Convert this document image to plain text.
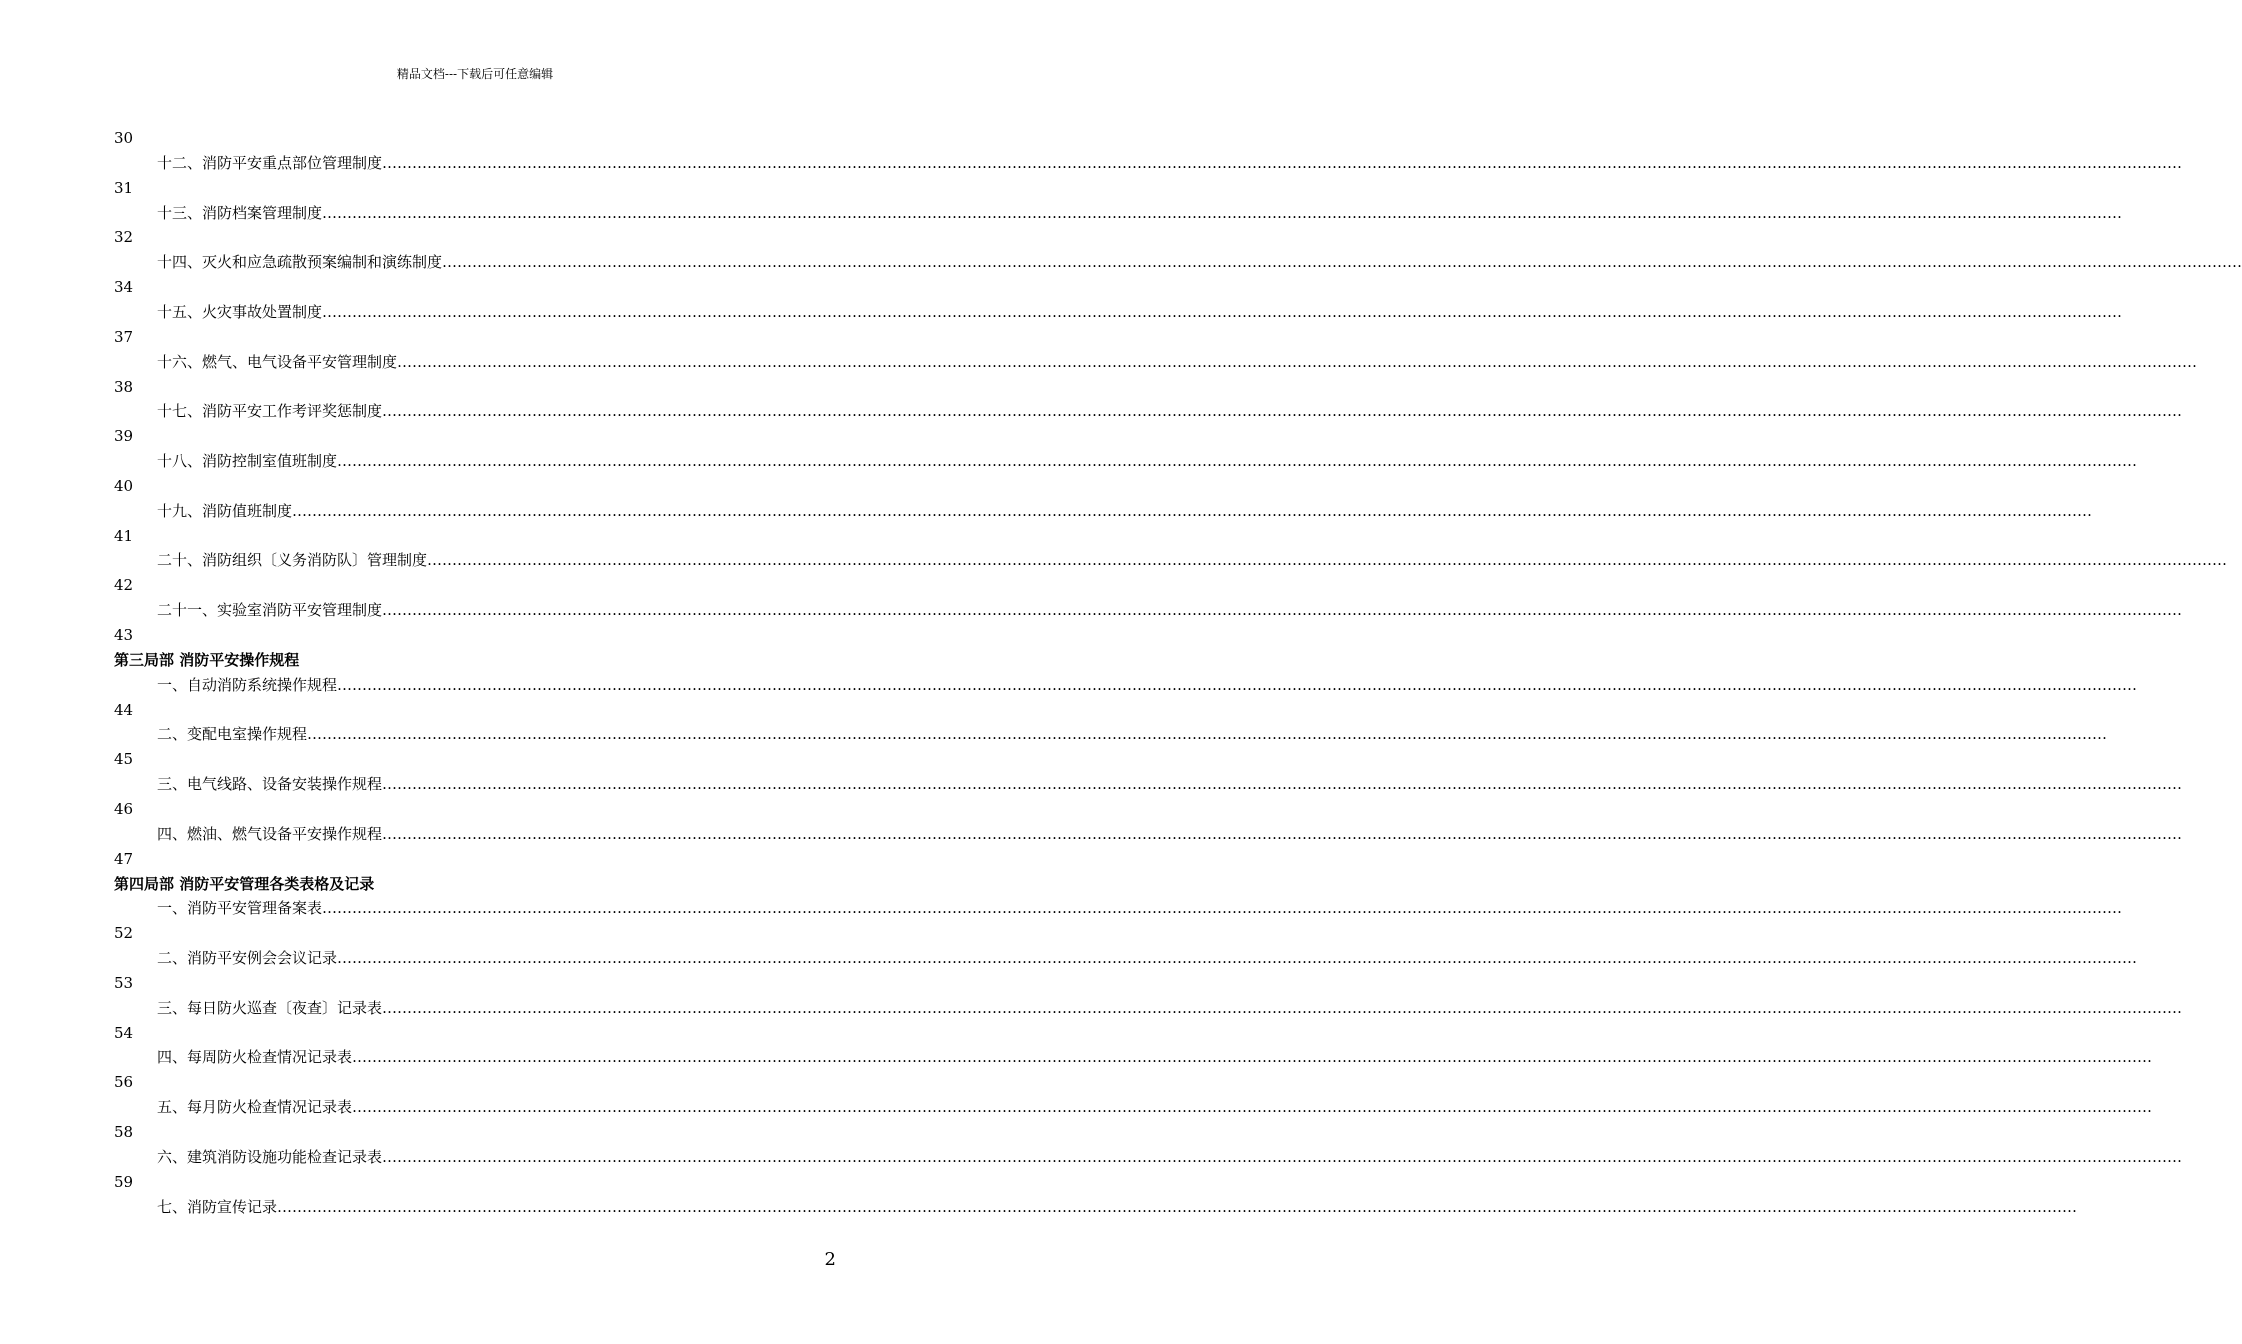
精品文档---下载后可任意编辑
30
十二、消防平安重点部位管理制度………………………………………………………………………………………………………………………………………………………………………………………………………………………………………………………………………………………………………………………………
31
十三、消防档案管理制度………………………………………………………………………………………………………………………………………………………………………………………………………………………………………………………………………………………………………………………………
32
十四、灭火和应急疏散预案编制和演练制度………………………………………………………………………………………………………………………………………………………………………………………………………………………………………………………………………………………………………………………………
34
十五、火灾事故处置制度………………………………………………………………………………………………………………………………………………………………………………………………………………………………………………………………………………………………………………………………
37
十六、燃气、电气设备平安管理制度………………………………………………………………………………………………………………………………………………………………………………………………………………………………………………………………………………………………………………………………
38
十七、消防平安工作考评奖惩制度………………………………………………………………………………………………………………………………………………………………………………………………………………………………………………………………………………………………………………………………
39
十八、消防控制室值班制度………………………………………………………………………………………………………………………………………………………………………………………………………………………………………………………………………………………………………………………………
40
十九、消防值班制度………………………………………………………………………………………………………………………………………………………………………………………………………………………………………………………………………………………………………………………………
41
二十、消防组织〔义务消防队〕管理制度………………………………………………………………………………………………………………………………………………………………………………………………………………………………………………………………………………………………………………………………
42
二十一、实验室消防平安管理制度………………………………………………………………………………………………………………………………………………………………………………………………………………………………………………………………………………………………………………………………
43
第三局部 消防平安操作规程
一、自动消防系统操作规程………………………………………………………………………………………………………………………………………………………………………………………………………………………………………………………………………………………………………………………………
44
二、变配电室操作规程………………………………………………………………………………………………………………………………………………………………………………………………………………………………………………………………………………………………………………………………
45
三、电气线路、设备安装操作规程………………………………………………………………………………………………………………………………………………………………………………………………………………………………………………………………………………………………………………………………
46
四、燃油、燃气设备平安操作规程………………………………………………………………………………………………………………………………………………………………………………………………………………………………………………………………………………………………………………………………
47
第四局部 消防平安管理各类表格及记录
一、消防平安管理备案表………………………………………………………………………………………………………………………………………………………………………………………………………………………………………………………………………………………………………………………………
52
二、消防平安例会会议记录………………………………………………………………………………………………………………………………………………………………………………………………………………………………………………………………………………………………………………………………
53
三、每日防火巡查〔夜查〕记录表………………………………………………………………………………………………………………………………………………………………………………………………………………………………………………………………………………………………………………………………
54
四、每周防火检查情况记录表………………………………………………………………………………………………………………………………………………………………………………………………………………………………………………………………………………………………………………………………
56
五、每月防火检查情况记录表………………………………………………………………………………………………………………………………………………………………………………………………………………………………………………………………………………………………………………………………
58
六、建筑消防设施功能检查记录表………………………………………………………………………………………………………………………………………………………………………………………………………………………………………………………………………………………………………………………………
59
七、消防宣传记录………………………………………………………………………………………………………………………………………………………………………………………………………………………………………………………………………………………………………………………………
2
